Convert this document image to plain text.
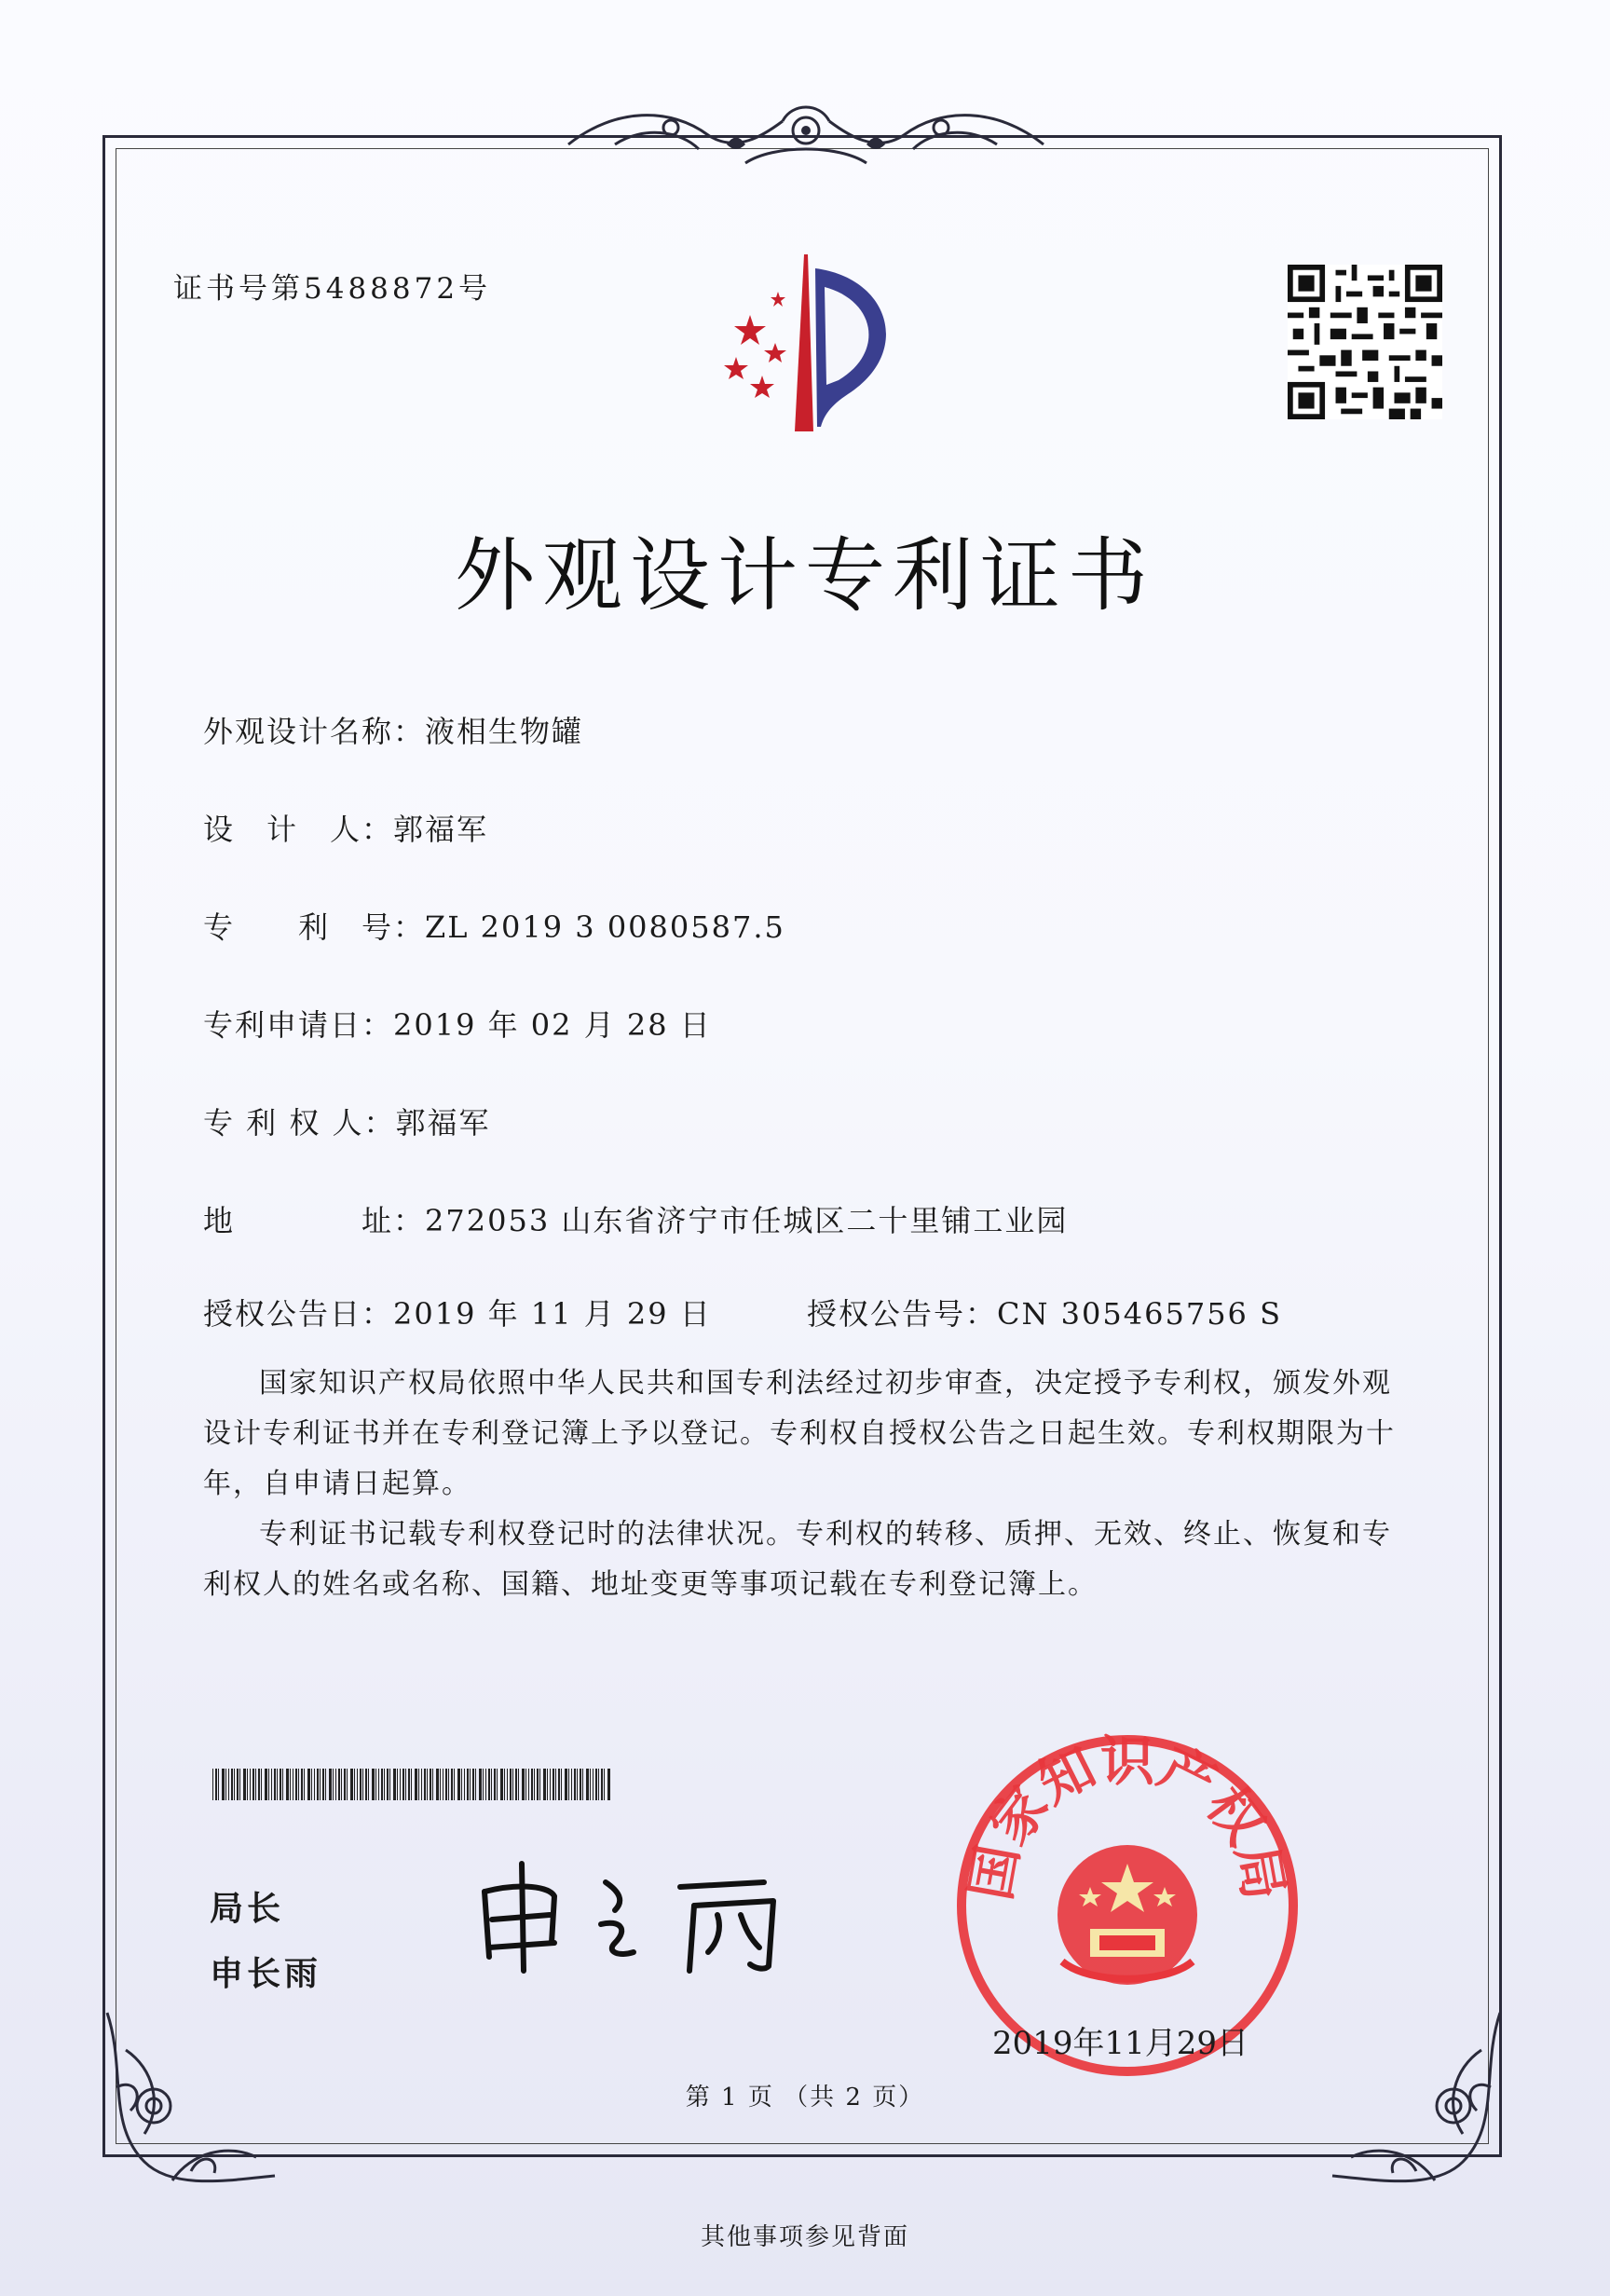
证书号第5488872号
外观设计专利证书
外观设计名称：液相生物罐
设　计　人：郭福军
专　　利　号：ZL 2019 3 0080587.5
专利申请日：2019 年 02 月 28 日
专 利 权 人：郭福军
地　　　　址：272053 山东省济宁市任城区二十里铺工业园
授权公告日：2019 年 11 月 29 日	授权公告号：CN 305465756 S
国家知识产权局依照中华人民共和国专利法经过初步审查，决定授予专利权，颁发外观设计专利证书并在专利登记簿上予以登记。专利权自授权公告之日起生效。专利权期限为十年，自申请日起算。
专利证书记载专利权登记时的法律状况。专利权的转移、质押、无效、终止、恢复和专利权人的姓名或名称、国籍、地址变更等事项记载在专利登记簿上。
局长
申长雨
国家知识产权局
2019年11月29日
第 1 页 （共 2 页）
其他事项参见背面
